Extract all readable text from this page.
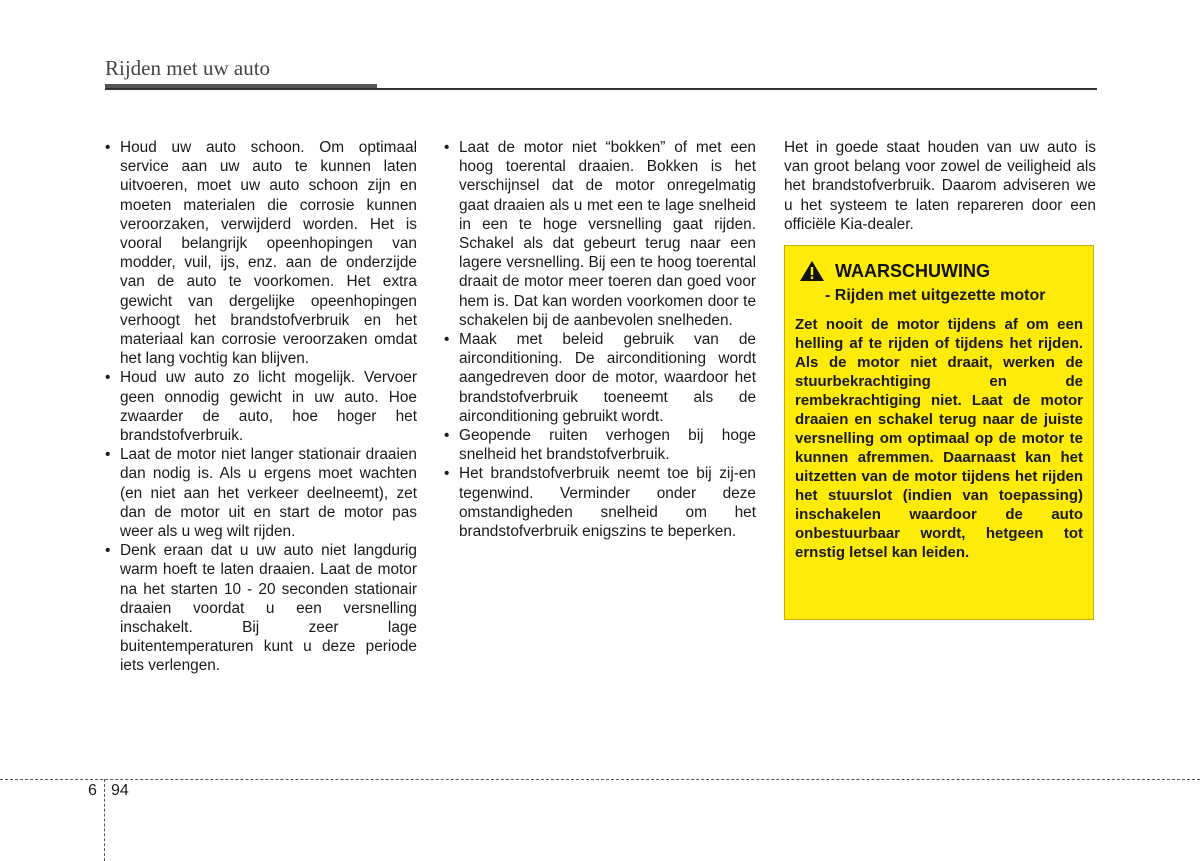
Rijden met uw auto
• Houd uw auto schoon. Om optimaal service aan uw auto te kunnen laten uitvoeren, moet uw auto schoon zijn en moeten materialen die corrosie kunnen veroorzaken, verwijderd worden. Het is vooral belangrijk opeenhopingen van modder, vuil, ijs, enz. aan de onderzijde van de auto te voorkomen. Het extra gewicht van dergelijke opeenhopingen verhoogt het brandstofverbruik en het materiaal kan corrosie veroorzaken omdat het lang vochtig kan blijven.
• Houd uw auto zo licht mogelijk. Vervoer geen onnodig gewicht in uw auto. Hoe zwaarder de auto, hoe hoger het brandstofverbruik.
• Laat de motor niet langer stationair draaien dan nodig is. Als u ergens moet wachten (en niet aan het verkeer deelneemt), zet dan de motor uit en start de motor pas weer als u weg wilt rijden.
• Denk eraan dat u uw auto niet langdurig warm hoeft te laten draaien. Laat de motor na het starten 10 - 20 seconden stationair draaien voordat u een versnelling inschakelt. Bij zeer lage buitentemperaturen kunt u deze periode iets verlengen.
• Laat de motor niet “bokken” of met een hoog toerental draaien. Bokken is het verschijnsel dat de motor onregelmatig gaat draaien als u met een te lage snelheid in een te hoge versnelling gaat rijden. Schakel als dat gebeurt terug naar een lagere versnelling. Bij een te hoog toerental draait de motor meer toeren dan goed voor hem is. Dat kan worden voorkomen door te schakelen bij de aanbevolen snelheden.
• Maak met beleid gebruik van de airconditioning. De airconditioning wordt aangedreven door de motor, waardoor het brandstofverbruik toeneemt als de airconditioning gebruikt wordt.
• Geopende ruiten verhogen bij hoge snelheid het brandstofverbruik.
• Het brandstofverbruik neemt toe bij zij-en tegenwind. Verminder onder deze omstandigheden snelheid om het brandstofverbruik enigszins te beperken.

Het in goede staat houden van uw auto is van groot belang voor zowel de veiligheid als het brandstofverbruik. Daarom adviseren we u het systeem te laten repareren door een officiële Kia-dealer.

WAARSCHUWING
- Rijden met uitgezette motor
Zet nooit de motor tijdens af om een helling af te rijden of tijdens het rijden. Als de motor niet draait, werken de stuurbekrachtiging en de rembekrachtiging niet. Laat de motor draaien en schakel terug naar de juiste versnelling om optimaal op de motor te kunnen afremmen. Daarnaast kan het uitzetten van de motor tijdens het rijden het stuurslot (indien van toepassing) inschakelen waardoor de auto onbestuurbaar wordt, hetgeen tot ernstig letsel kan leiden.
6 94
